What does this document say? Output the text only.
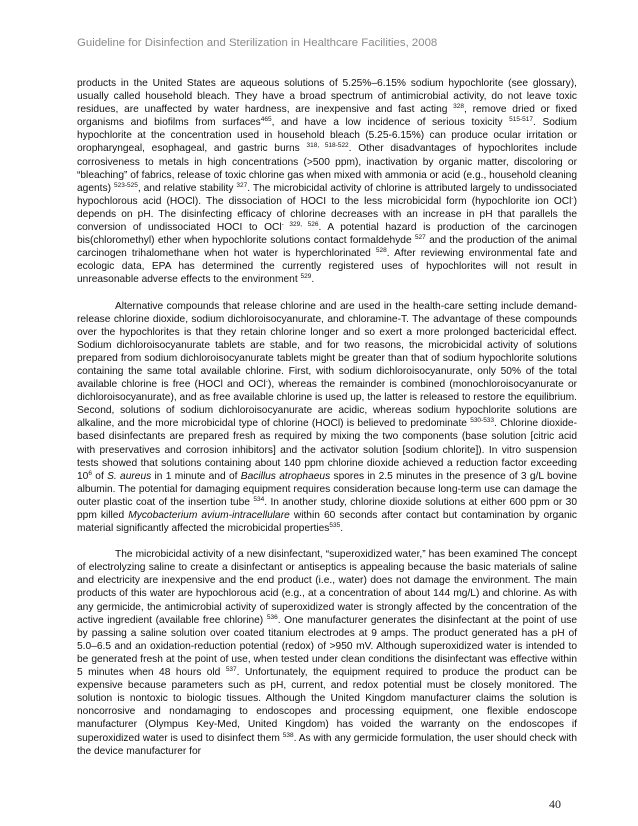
Guideline for Disinfection and Sterilization in Healthcare Facilities, 2008

products in the United States are aqueous solutions of 5.25%–6.15% sodium hypochlorite (see glossary), usually called household bleach. They have a broad spectrum of antimicrobial activity, do not leave toxic residues, are unaffected by water hardness, are inexpensive and fast acting $^{328}$, remove dried or fixed organisms and biofilms from surfaces$^{465}$, and have a low incidence of serious toxicity $^{515-517}$. Sodium hypochlorite at the concentration used in household bleach (5.25-6.15%) can produce ocular irritation or oropharyngeal, esophageal, and gastric burns $^{318, 518-522}$. Other disadvantages of hypochlorites include corrosiveness to metals in high concentrations (>500 ppm), inactivation by organic matter, discoloring or “bleaching” of fabrics, release of toxic chlorine gas when mixed with ammonia or acid (e.g., household cleaning agents) $^{523-525}$, and relative stability $^{327}$. The microbicidal activity of chlorine is attributed largely to undissociated hypochlorous acid (HOCl). The dissociation of HOCI to the less microbicidal form (hypochlorite ion OCl-) depends on pH. The disinfecting efficacy of chlorine decreases with an increase in pH that parallels the conversion of undissociated HOCI to OCl$^{- 329, 526}$. A potential hazard is production of the carcinogen bis(chloromethyl) ether when hypochlorite solutions contact formaldehyde $^{527}$ and the production of the animal carcinogen trihalomethane when hot water is hyperchlorinated $^{528}$. After reviewing environmental fate and ecologic data, EPA has determined the currently registered uses of hypochlorites will not result in unreasonable adverse effects to the environment $^{529}$.

Alternative compounds that release chlorine and are used in the health-care setting include demand-release chlorine dioxide, sodium dichloroisocyanurate, and chloramine-T. The advantage of these compounds over the hypochlorites is that they retain chlorine longer and so exert a more prolonged bactericidal effect. Sodium dichloroisocyanurate tablets are stable, and for two reasons, the microbicidal activity of solutions prepared from sodium dichloroisocyanurate tablets might be greater than that of sodium hypochlorite solutions containing the same total available chlorine. First, with sodium dichloroisocyanurate, only 50% of the total available chlorine is free (HOCl and OCl-), whereas the remainder is combined (monochloroisocyanurate or dichloroisocyanurate), and as free available chlorine is used up, the latter is released to restore the equilibrium. Second, solutions of sodium dichloroisocyanurate are acidic, whereas sodium hypochlorite solutions are alkaline, and the more microbicidal type of chlorine (HOCl) is believed to predominate $^{530-533}$. Chlorine dioxide-based disinfectants are prepared fresh as required by mixing the two components (base solution [citric acid with preservatives and corrosion inhibitors] and the activator solution [sodium chlorite]). In vitro suspension tests showed that solutions containing about 140 ppm chlorine dioxide achieved a reduction factor exceeding $10^6$ of S. aureus in 1 minute and of Bacillus atrophaeus spores in 2.5 minutes in the presence of 3 g/L bovine albumin. The potential for damaging equipment requires consideration because long-term use can damage the outer plastic coat of the insertion tube $^{534}$. In another study, chlorine dioxide solutions at either 600 ppm or 30 ppm killed Mycobacterium avium-intracellulare within 60 seconds after contact but contamination by organic material significantly affected the microbicidal properties$^{535}$.

The microbicidal activity of a new disinfectant, “superoxidized water,” has been examined The concept of electrolyzing saline to create a disinfectant or antiseptics is appealing because the basic materials of saline and electricity are inexpensive and the end product (i.e., water) does not damage the environment. The main products of this water are hypochlorous acid (e.g., at a concentration of about 144 mg/L) and chlorine. As with any germicide, the antimicrobial activity of superoxidized water is strongly affected by the concentration of the active ingredient (available free chlorine) $^{536}$. One manufacturer generates the disinfectant at the point of use by passing a saline solution over coated titanium electrodes at 9 amps. The product generated has a pH of 5.0–6.5 and an oxidation-reduction potential (redox) of >950 mV. Although superoxidized water is intended to be generated fresh at the point of use, when tested under clean conditions the disinfectant was effective within 5 minutes when 48 hours old $^{537}$. Unfortunately, the equipment required to produce the product can be expensive because parameters such as pH, current, and redox potential must be closely monitored. The solution is nontoxic to biologic tissues. Although the United Kingdom manufacturer claims the solution is noncorrosive and nondamaging to endoscopes and processing equipment, one flexible endoscope manufacturer (Olympus Key-Med, United Kingdom) has voided the warranty on the endoscopes if superoxidized water is used to disinfect them $^{538}$. As with any germicide formulation, the user should check with the device manufacturer for

40
